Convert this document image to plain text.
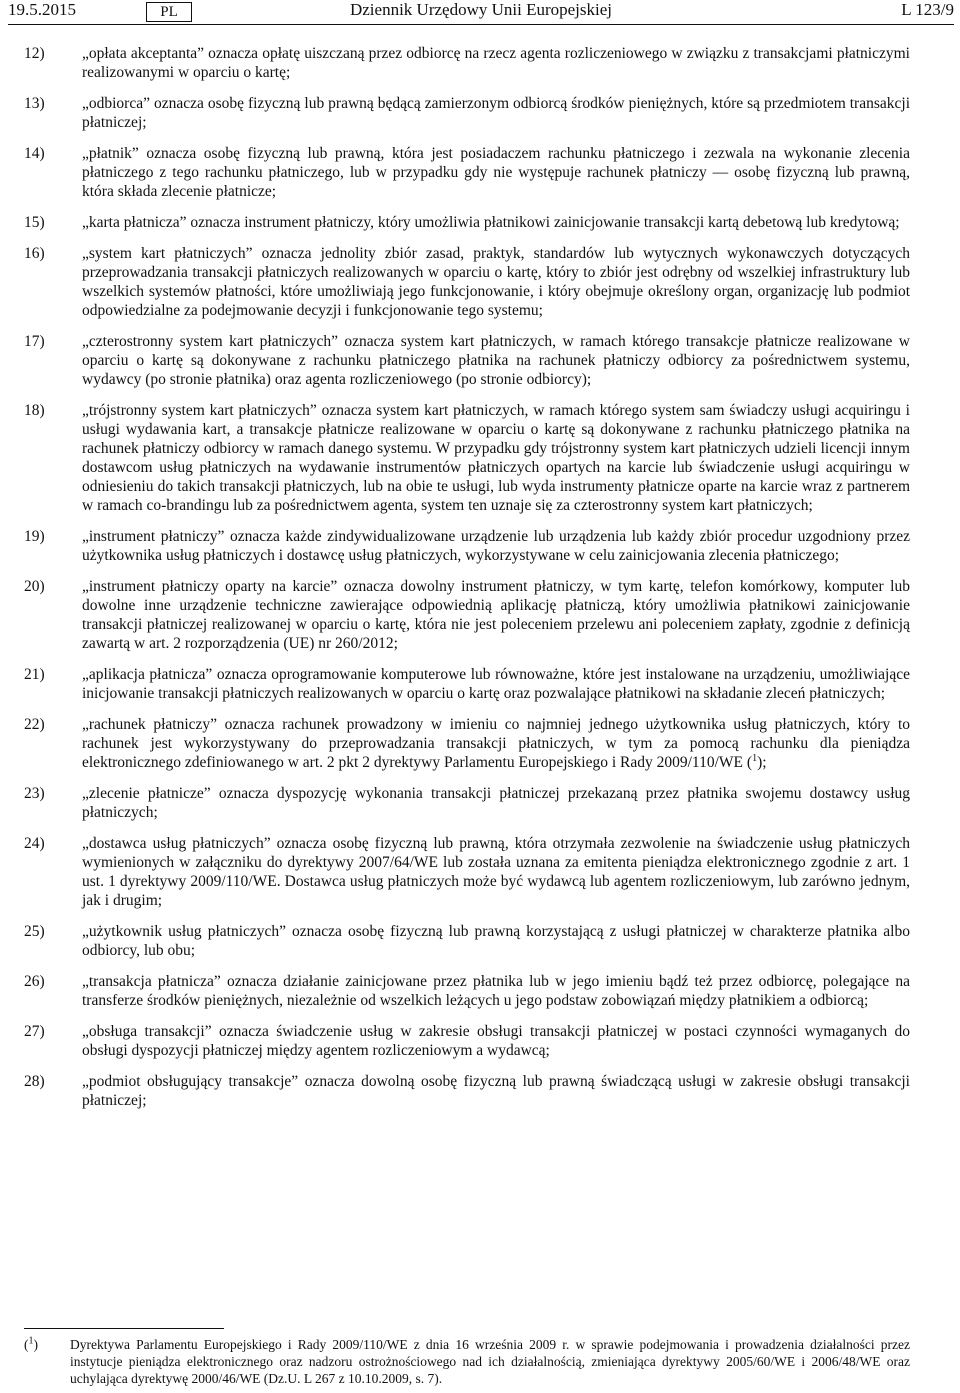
19.5.2015	PL	Dziennik Urzędowy Unii Europejskiej	L 123/9
12)	„opłata akceptanta” oznacza opłatę uiszczaną przez odbiorcę na rzecz agenta rozliczeniowego w związku z transakcjami płatniczymi realizowanymi w oparciu o kartę;
13)	„odbiorca” oznacza osobę fizyczną lub prawną będącą zamierzonym odbiorcą środków pieniężnych, które są przedmiotem transakcji płatniczej;
14)	„płatnik” oznacza osobę fizyczną lub prawną, która jest posiadaczem rachunku płatniczego i zezwala na wykonanie zlecenia płatniczego z tego rachunku płatniczego, lub w przypadku gdy nie występuje rachunek płatniczy — osobę fizyczną lub prawną, która składa zlecenie płatnicze;
15)	„karta płatnicza” oznacza instrument płatniczy, który umożliwia płatnikowi zainicjowanie transakcji kartą debetową lub kredytową;
16)	„system kart płatniczych” oznacza jednolity zbiór zasad, praktyk, standardów lub wytycznych wykonawczych dotyczących przeprowadzania transakcji płatniczych realizowanych w oparciu o kartę, który to zbiór jest odrębny od wszelkiej infrastruktury lub wszelkich systemów płatności, które umożliwiają jego funkcjonowanie, i który obejmuje określony organ, organizację lub podmiot odpowiedzialne za podejmowanie decyzji i funkcjonowanie tego systemu;
17)	„czterostronny system kart płatniczych” oznacza system kart płatniczych, w ramach którego transakcje płatnicze realizowane w oparciu o kartę są dokonywane z rachunku płatniczego płatnika na rachunek płatniczy odbiorcy za pośrednictwem systemu, wydawcy (po stronie płatnika) oraz agenta rozliczeniowego (po stronie odbiorcy);
18)	„trójstronny system kart płatniczych” oznacza system kart płatniczych, w ramach którego system sam świadczy usługi acquiringu i usługi wydawania kart, a transakcje płatnicze realizowane w oparciu o kartę są dokonywane z rachunku płatniczego płatnika na rachunek płatniczy odbiorcy w ramach danego systemu. W przypadku gdy trójstronny system kart płatniczych udzieli licencji innym dostawcom usług płatniczych na wydawanie instrumentów płatniczych opartych na karcie lub świadczenie usługi acquiringu w odniesieniu do takich transakcji płatniczych, lub na obie te usługi, lub wyda instrumenty płatnicze oparte na karcie wraz z partnerem w ramach co-brandingu lub za pośrednictwem agenta, system ten uznaje się za czterostronny system kart płatniczych;
19)	„instrument płatniczy” oznacza każde zindywidualizowane urządzenie lub urządzenia lub każdy zbiór procedur uzgodniony przez użytkownika usług płatniczych i dostawcę usług płatniczych, wykorzystywane w celu zainicjowania zlecenia płatniczego;
20)	„instrument płatniczy oparty na karcie” oznacza dowolny instrument płatniczy, w tym kartę, telefon komórkowy, komputer lub dowolne inne urządzenie techniczne zawierające odpowiednią aplikację płatniczą, który umożliwia płatnikowi zainicjowanie transakcji płatniczej realizowanej w oparciu o kartę, która nie jest poleceniem przelewu ani poleceniem zapłaty, zgodnie z definicją zawartą w art. 2 rozporządzenia (UE) nr 260/2012;
21)	„aplikacja płatnicza” oznacza oprogramowanie komputerowe lub równoważne, które jest instalowane na urządzeniu, umożliwiające inicjowanie transakcji płatniczych realizowanych w oparciu o kartę oraz pozwalające płatnikowi na składanie zleceń płatniczych;
22)	„rachunek płatniczy” oznacza rachunek prowadzony w imieniu co najmniej jednego użytkownika usług płatniczych, który to rachunek jest wykorzystywany do przeprowadzania transakcji płatniczych, w tym za pomocą rachunku dla pieniądza elektronicznego zdefiniowanego w art. 2 pkt 2 dyrektywy Parlamentu Europejskiego i Rady 2009/110/WE ($^1$);
23)	„zlecenie płatnicze” oznacza dyspozycję wykonania transakcji płatniczej przekazaną przez płatnika swojemu dostawcy usług płatniczych;
24)	„dostawca usług płatniczych” oznacza osobę fizyczną lub prawną, która otrzymała zezwolenie na świadczenie usług płatniczych wymienionych w załączniku do dyrektywy 2007/64/WE lub została uznana za emitenta pieniądza elektronicznego zgodnie z art. 1 ust. 1 dyrektywy 2009/110/WE. Dostawca usług płatniczych może być wydawcą lub agentem rozliczeniowym, lub zarówno jednym, jak i drugim;
25)	„użytkownik usług płatniczych” oznacza osobę fizyczną lub prawną korzystającą z usługi płatniczej w charakterze płatnika albo odbiorcy, lub obu;
26)	„transakcja płatnicza” oznacza działanie zainicjowane przez płatnika lub w jego imieniu bądź też przez odbiorcę, polegające na transferze środków pieniężnych, niezależnie od wszelkich leżących u jego podstaw zobowiązań między płatnikiem a odbiorcą;
27)	„obsługa transakcji” oznacza świadczenie usług w zakresie obsługi transakcji płatniczej w postaci czynności wymaganych do obsługi dyspozycji płatniczej między agentem rozliczeniowym a wydawcą;
28)	„podmiot obsługujący transakcje” oznacza dowolną osobę fizyczną lub prawną świadczącą usługi w zakresie obsługi transakcji płatniczej;
($^1$)	Dyrektywa Parlamentu Europejskiego i Rady 2009/110/WE z dnia 16 września 2009 r. w sprawie podejmowania i prowadzenia działalności przez instytucje pieniądza elektronicznego oraz nadzoru ostrożnościowego nad ich działalnością, zmieniająca dyrektywy 2005/60/WE i 2006/48/WE oraz uchylająca dyrektywę 2000/46/WE (Dz.U. L 267 z 10.10.2009, s. 7).
